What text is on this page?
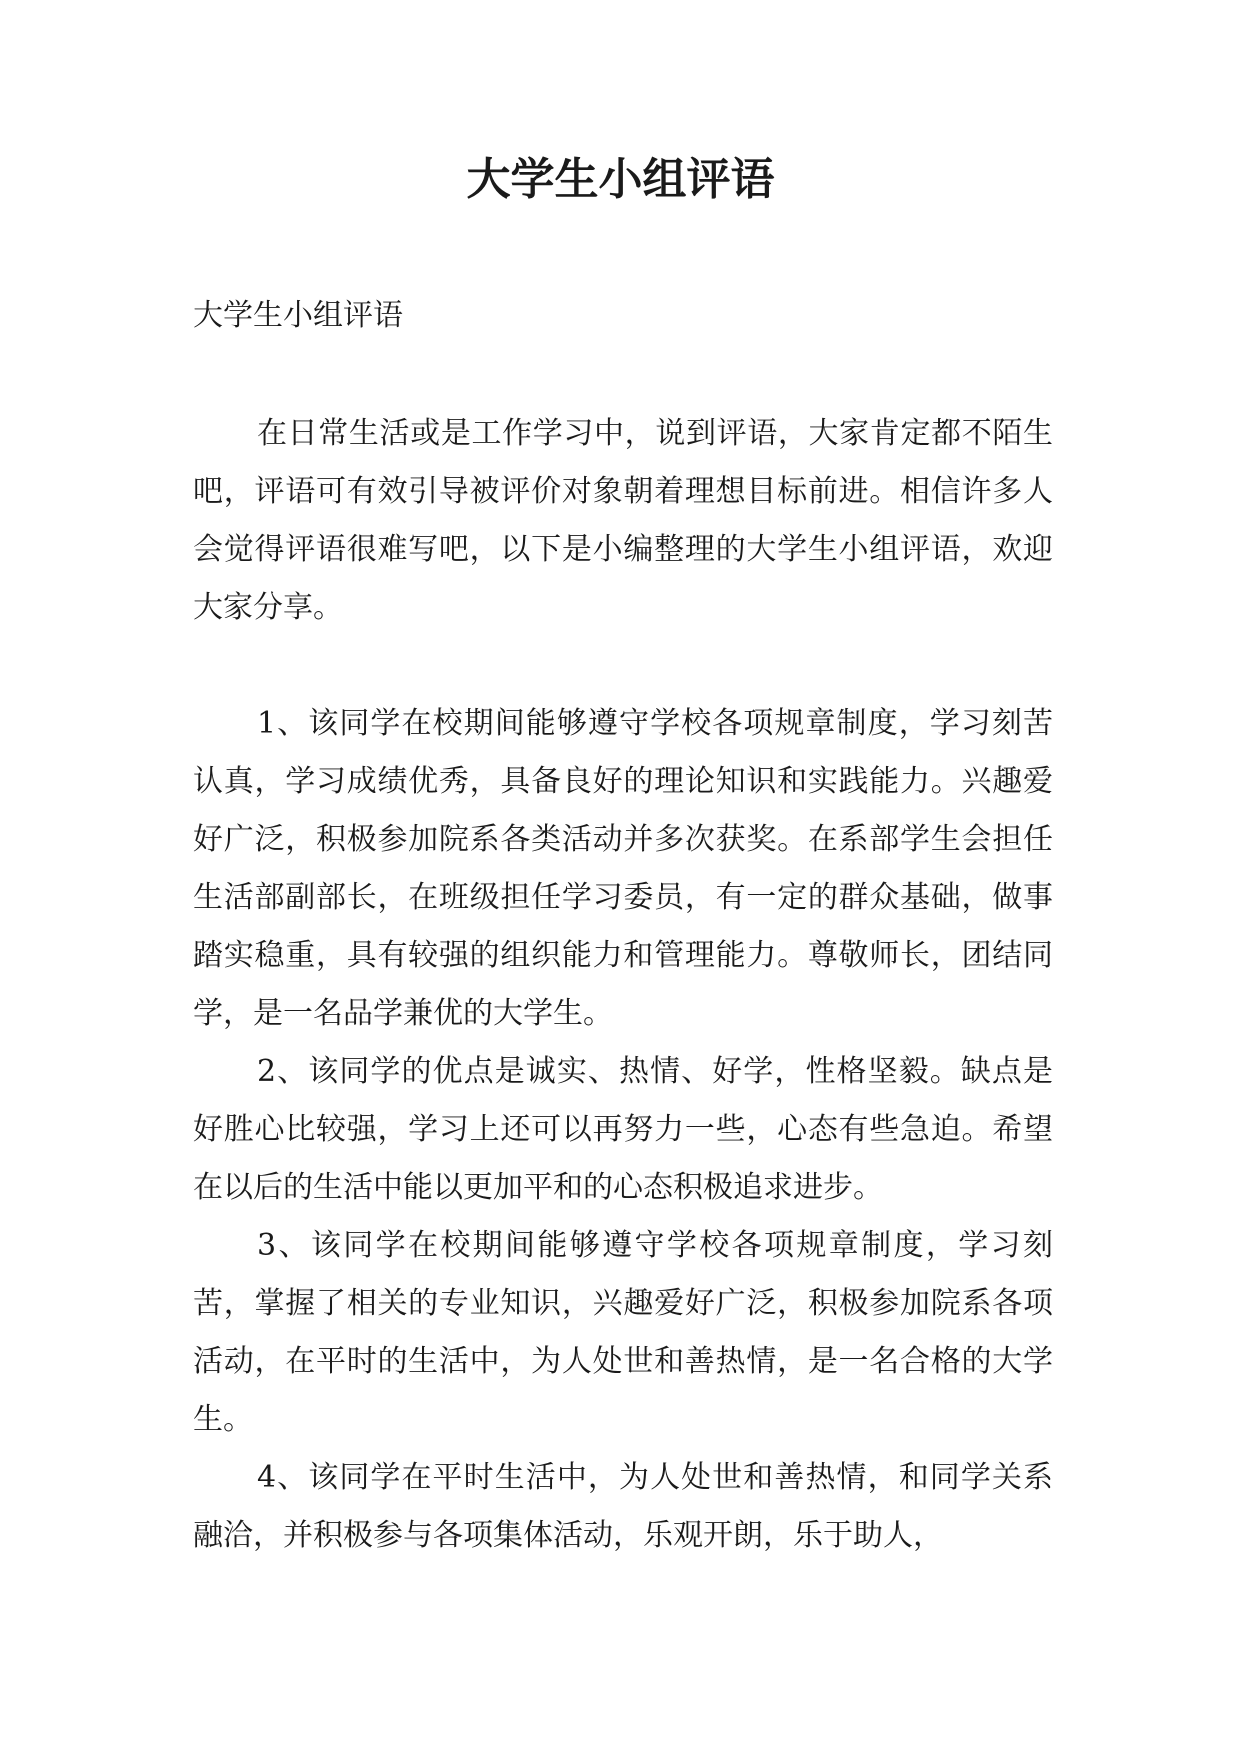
大学生小组评语

大学生小组评语

在日常生活或是工作学习中，说到评语，大家肯定都不陌生吧，评语可有效引导被评价对象朝着理想目标前进。相信许多人会觉得评语很难写吧，以下是小编整理的大学生小组评语，欢迎大家分享。

1、该同学在校期间能够遵守学校各项规章制度，学习刻苦认真，学习成绩优秀，具备良好的理论知识和实践能力。兴趣爱好广泛，积极参加院系各类活动并多次获奖。在系部学生会担任生活部副部长，在班级担任学习委员，有一定的群众基础，做事踏实稳重，具有较强的组织能力和管理能力。尊敬师长，团结同学，是一名品学兼优的大学生。

2、该同学的优点是诚实、热情、好学，性格坚毅。缺点是好胜心比较强，学习上还可以再努力一些，心态有些急迫。希望在以后的生活中能以更加平和的心态积极追求进步。

3、该同学在校期间能够遵守学校各项规章制度，学习刻苦，掌握了相关的专业知识，兴趣爱好广泛，积极参加院系各项活动，在平时的生活中，为人处世和善热情，是一名合格的大学生。

4、该同学在平时生活中，为人处世和善热情，和同学关系融洽，并积极参与各项集体活动，乐观开朗，乐于助人，
